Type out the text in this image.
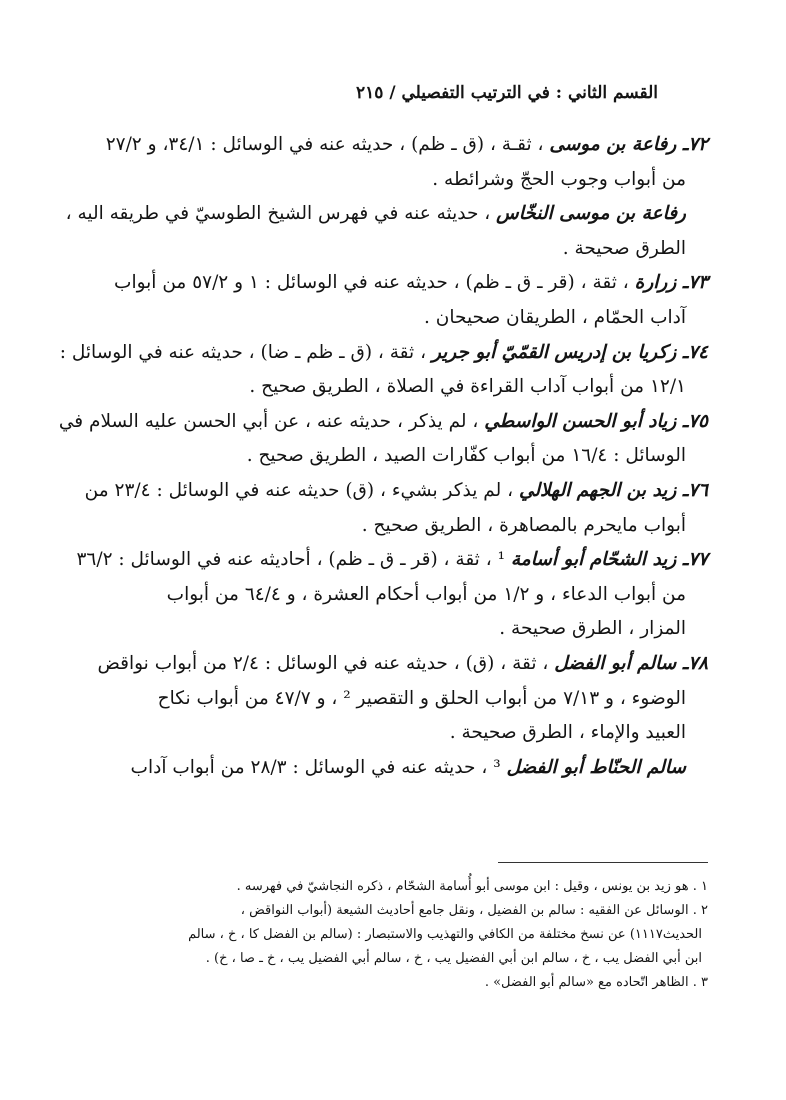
القسم الثاني : في الترتيب التفصيلي / ٢١٥
٧٢ـ رفاعة بن موسى ، ثقـة ، (ق ـ ظم) ، حديثه عنه في الوسائل : ٣٤/١، و ٢٧/٢
من أبواب وجوب الحجّ وشرائطه .
رفاعة بن موسى النخّاس ، حديثه عنه في فهرس الشيخ الطوسيّ في طريقه اليه ،
الطرق صحيحة .
٧٣ـ زرارة ، ثقة ، (قر ـ ق ـ ظم) ، حديثه عنه في الوسائل : ١ و ٥٧/٢ من أبواب
آداب الحمّام ، الطريقان صحيحان .
٧٤ـ زكريا بن إدريس القمّيّ أبو جرير ، ثقة ، (ق ـ ظم ـ ضا) ، حديثه عنه في الوسائل :
١٢/١ من أبواب آداب القراءة في الصلاة ، الطريق صحيح .
٧٥ـ زياد أبو الحسن الواسطي ، لم يذكر ، حديثه عنه ، عن أبي الحسن عليه السلام في
الوسائل : ١٦/٤ من أبواب كفّارات الصيد ، الطريق صحيح .
٧٦ـ زيد بن الجهم الهلالي ، لم يذكر بشيء ، (ق) حديثه عنه في الوسائل : ٢٣/٤ من
أبواب مايحرم بالمصاهرة ، الطريق صحيح .
٧٧ـ زيد الشحّام أبو أسامة ¹ ، ثقة ، (قر ـ ق ـ ظم) ، أحاديثه عنه في الوسائل : ٣٦/٢
من أبواب الدعاء ، و ١/٢ من أبواب أحكام العشرة ، و ٦٤/٤ من أبواب
المزار ، الطرق صحيحة .
٧٨ـ سالم أبو الفضل ، ثقة ، (ق) ، حديثه عنه في الوسائل : ٢/٤ من أبواب نواقض
الوضوء ، و ٧/١٣ من أبواب الحلق و التقصير ² ، و ٤٧/٧ من أبواب نكاح
العبيد والإماء ، الطرق صحيحة .
سالم الحنّاط أبو الفضل ³ ، حديثه عنه في الوسائل : ٢٨/٣ من أبواب آداب
١ . هو زيد بن يونس ، وقيل : ابن موسى أبو أُسامة الشحّام ، ذكره النجاشيّ في فهرسه .
٢ . الوسائل عن الفقيه : سالم بن الفضيل ، ونقل جامع أحاديث الشيعة (أبواب النواقض ،
الحديث١١١٧) عن نسخ مختلفة من الكافي والتهذيب والاستبصار : (سالم بن الفضل كا ، خ ، سالم
ابن أبي الفضل يب ، خ ، سالم ابن أبي الفضيل يب ، خ ، سالم أبي الفضيل يب ، خ ـ صا ، خ) .
٣ . الظاهر اتّحاده مع «سالم أبو الفضل» .
